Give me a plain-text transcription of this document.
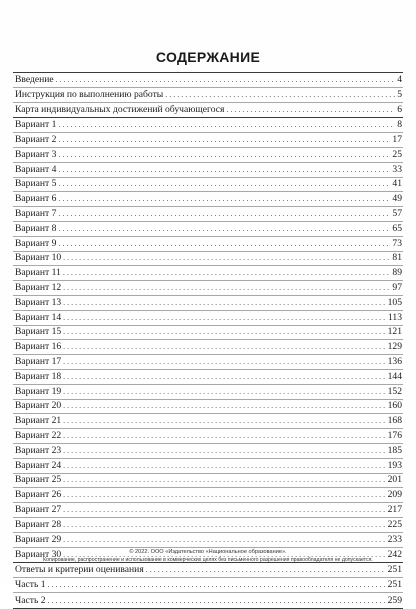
СОДЕРЖАНИЕ
Введение . . .	4
Инструкция по выполнению работы . . .	5
Карта индивидуальных достижений обучающегося . . .	6
Вариант 1 . . .	8
Вариант 2 . . .	17
Вариант 3 . . .	25
Вариант 4 . . .	33
Вариант 5 . . .	41
Вариант 6 . . .	49
Вариант 7 . . .	57
Вариант 8 . . .	65
Вариант 9 . . .	73
Вариант 10 . . .	81
Вариант 11 . . .	89
Вариант 12 . . .	97
Вариант 13 . . .	105
Вариант 14 . . .	113
Вариант 15 . . .	121
Вариант 16 . . .	129
Вариант 17 . . .	136
Вариант 18 . . .	144
Вариант 19 . . .	152
Вариант 20 . . .	160
Вариант 21 . . .	168
Вариант 22 . . .	176
Вариант 23 . . .	185
Вариант 24 . . .	193
Вариант 25 . . .	201
Вариант 26 . . .	209
Вариант 27 . . .	217
Вариант 28 . . .	225
Вариант 29 . . .	233
Вариант 30 . . .	242
Ответы и критерии оценивания . . .	251
Часть 1 . . .	251
Часть 2 . . .	259
© 2022. ООО «Издательство «Национальное образование».
Копирование, распространение и использование в коммерческих целях без письменного разрешения правообладателя не допускается.
